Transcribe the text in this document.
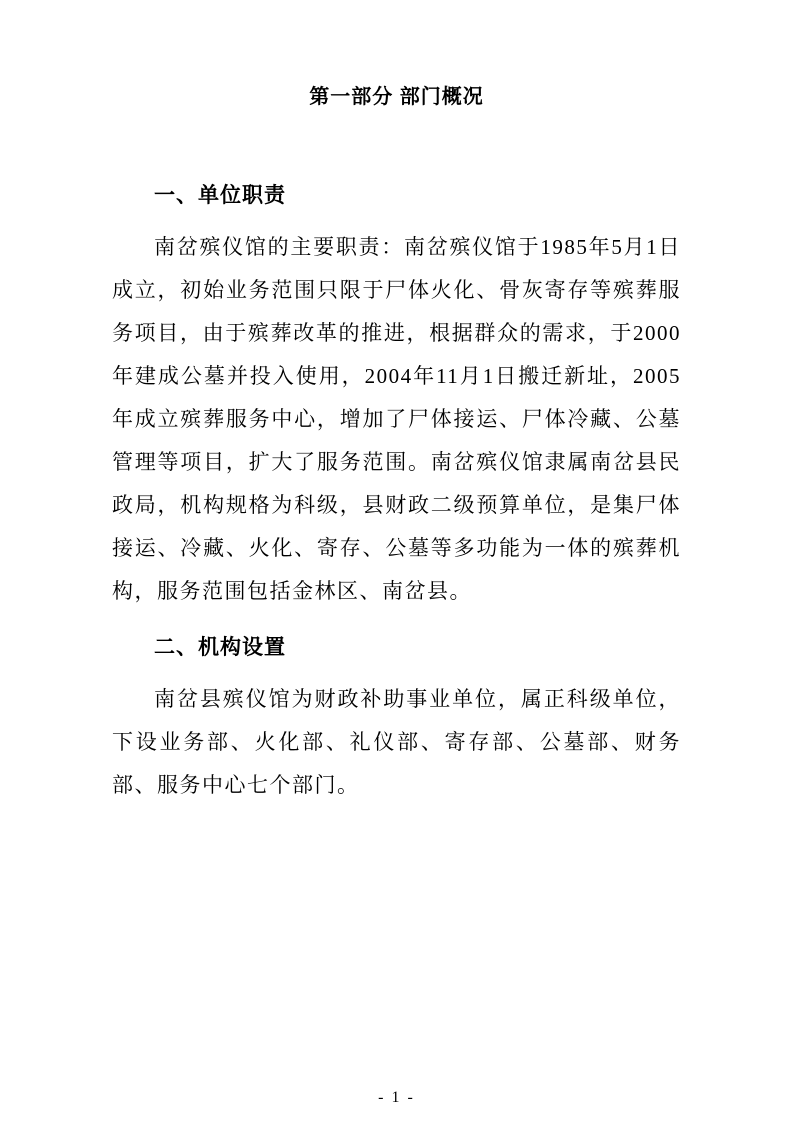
第一部分 部门概况
一、单位职责

南岔殡仪馆的主要职责：南岔殡仪馆于1985年5月1日成立，初始业务范围只限于尸体火化、骨灰寄存等殡葬服务项目，由于殡葬改革的推进，根据群众的需求，于2000年建成公墓并投入使用，2004年11月1日搬迁新址，2005年成立殡葬服务中心，增加了尸体接运、尸体冷藏、公墓管理等项目，扩大了服务范围。南岔殡仪馆隶属南岔县民政局，机构规格为科级，县财政二级预算单位，是集尸体接运、冷藏、火化、寄存、公墓等多功能为一体的殡葬机构，服务范围包括金林区、南岔县。

二、机构设置

南岔县殡仪馆为财政补助事业单位，属正科级单位，下设业务部、火化部、礼仪部、寄存部、公墓部、财务部、服务中心七个部门。

- 1 -
